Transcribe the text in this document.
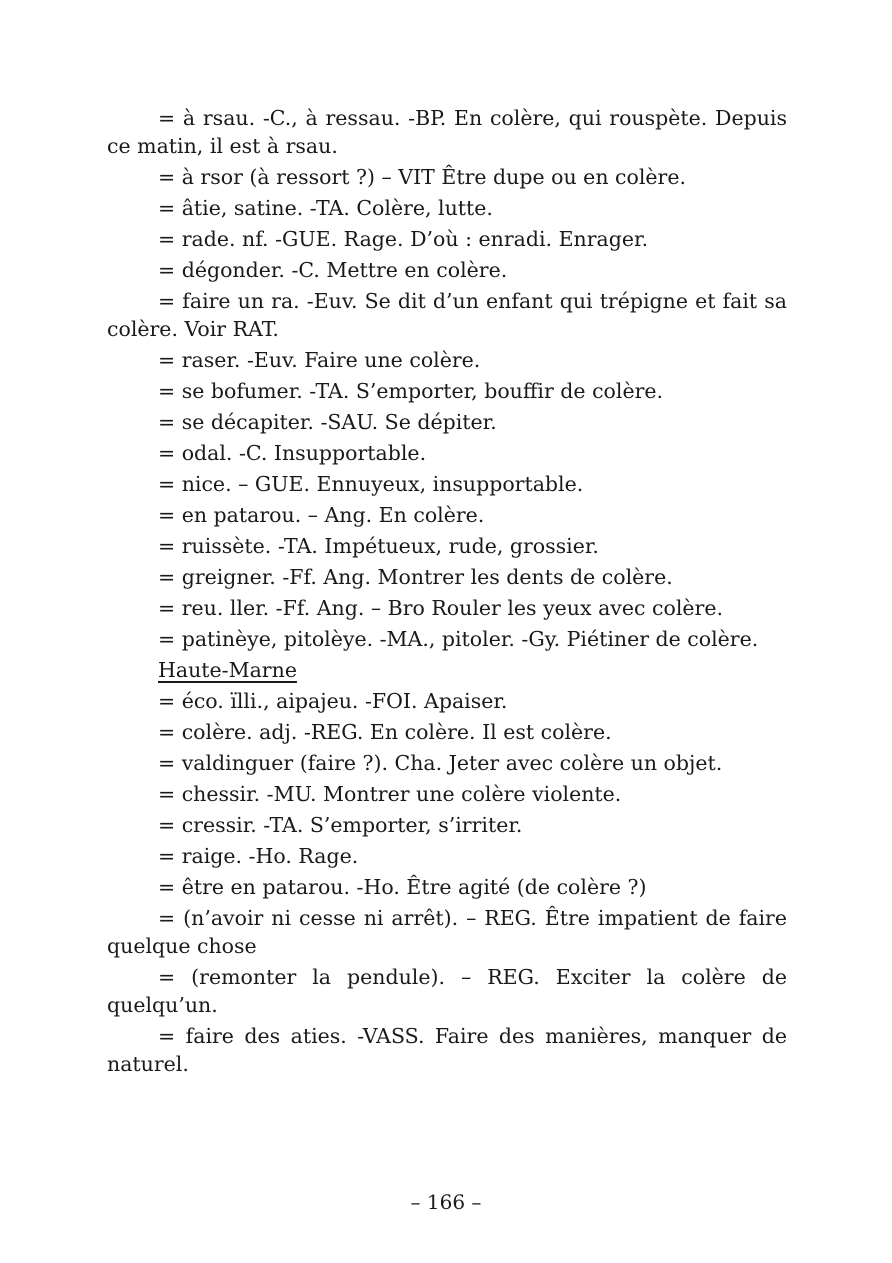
= à rsau. -C., à ressau. -BP. En colère, qui rouspète. Depuis ce matin, il est à rsau.

= à rsor (à ressort ?) – VIT Être dupe ou en colère.

= âtie, satine. -TA. Colère, lutte.

= rade. nf. -GUE. Rage. D’où : enradi. Enrager.

= dégonder. -C. Mettre en colère.

= faire un ra. -Euv. Se dit d’un enfant qui trépigne et fait sa colère. Voir RAT.

= raser. -Euv. Faire une colère.

= se bofumer. -TA. S’emporter, bouffir de colère.

= se décapiter. -SAU. Se dépiter.

= odal. -C. Insupportable.

= nice. – GUE. Ennuyeux, insupportable.

= en patarou. – Ang. En colère.

= ruissète. -TA. Impétueux, rude, grossier.

= greigner. -Ff. Ang. Montrer les dents de colère.

= reu. ller. -Ff. Ang. – Bro Rouler les yeux avec colère.

= patinèye, pitolèye. -MA., pitoler. -Gy. Piétiner de colère.

Haute-Marne

= éco. ïlli., aipajeu. -FOI. Apaiser.

= colère. adj. -REG. En colère. Il est colère.

= valdinguer (faire ?). Cha. Jeter avec colère un objet.

= chessir. -MU. Montrer une colère violente.

= cressir. -TA. S’emporter, s’irriter.

= raige. -Ho. Rage.

= être en patarou. -Ho. Être agité (de colère ?)

= (n’avoir ni cesse ni arrêt). – REG. Être impatient de faire quelque chose

= (remonter la pendule). – REG. Exciter la colère de quelqu’un.

= faire des aties. -VASS. Faire des manières, manquer de naturel.

– 166 –
